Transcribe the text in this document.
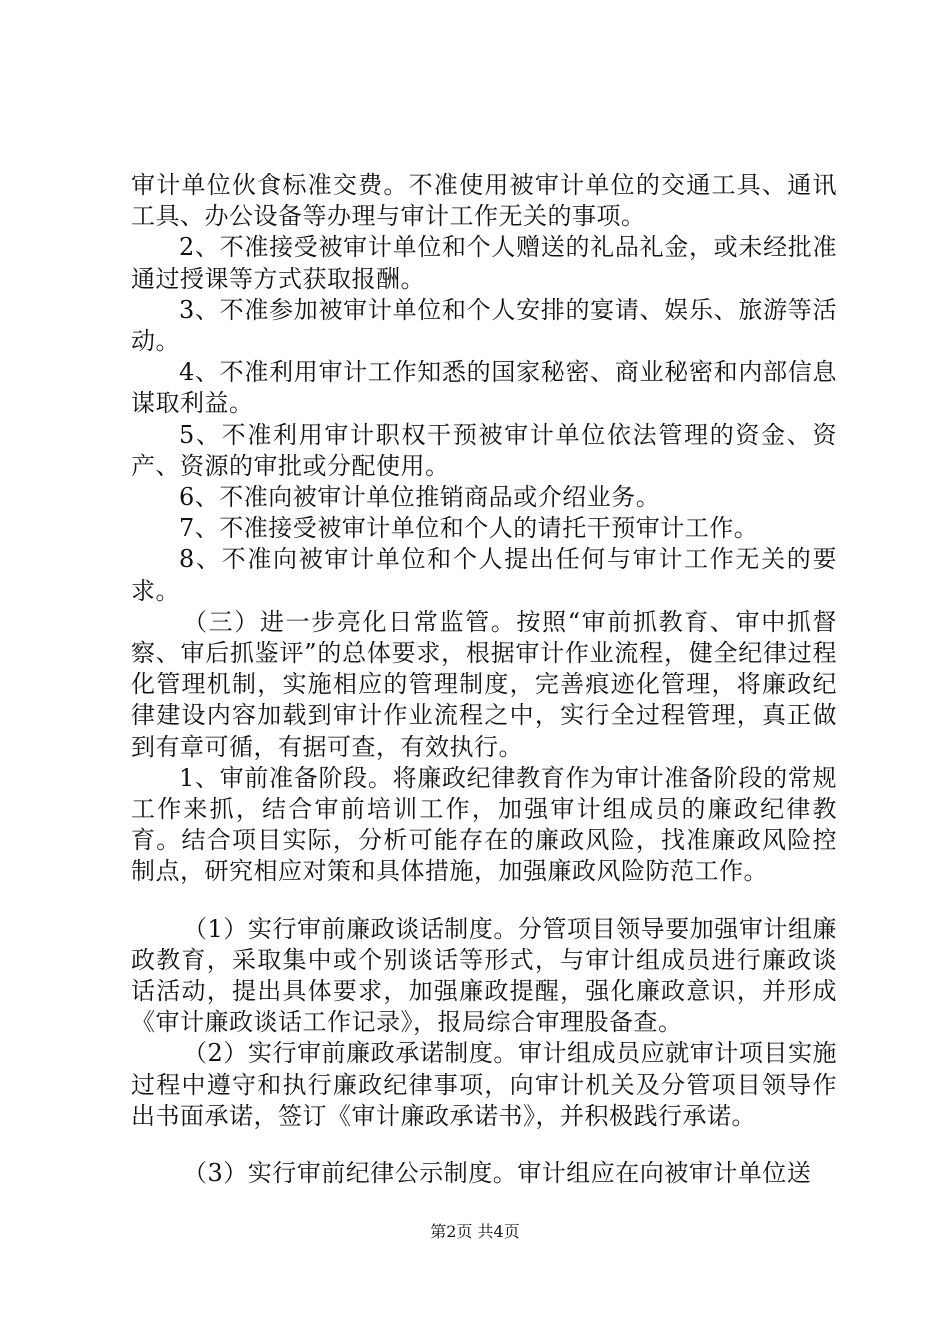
审计单位伙食标准交费。不准使用被审计单位的交通工具、通讯工具、办公设备等办理与审计工作无关的事项。

2、不准接受被审计单位和个人赠送的礼品礼金，或未经批准通过授课等方式获取报酬。

3、不准参加被审计单位和个人安排的宴请、娱乐、旅游等活动。

4、不准利用审计工作知悉的国家秘密、商业秘密和内部信息谋取利益。

5、不准利用审计职权干预被审计单位依法管理的资金、资产、资源的审批或分配使用。

6、不准向被审计单位推销商品或介绍业务。

7、不准接受被审计单位和个人的请托干预审计工作。

8、不准向被审计单位和个人提出任何与审计工作无关的要求。

（三）进一步亮化日常监管。按照“审前抓教育、审中抓督察、审后抓鉴评”的总体要求，根据审计作业流程，健全纪律过程化管理机制，实施相应的管理制度，完善痕迹化管理，将廉政纪律建设内容加载到审计作业流程之中，实行全过程管理，真正做到有章可循，有据可查，有效执行。

1、审前准备阶段。将廉政纪律教育作为审计准备阶段的常规工作来抓，结合审前培训工作，加强审计组成员的廉政纪律教育。结合项目实际，分析可能存在的廉政风险，找准廉政风险控制点，研究相应对策和具体措施，加强廉政风险防范工作。

（1）实行审前廉政谈话制度。分管项目领导要加强审计组廉政教育，采取集中或个别谈话等形式，与审计组成员进行廉政谈话活动，提出具体要求，加强廉政提醒，强化廉政意识，并形成《审计廉政谈话工作记录》，报局综合审理股备查。

（2）实行审前廉政承诺制度。审计组成员应就审计项目实施过程中遵守和执行廉政纪律事项，向审计机关及分管项目领导作出书面承诺，签订《审计廉政承诺书》，并积极践行承诺。

（3）实行审前纪律公示制度。审计组应在向被审计单位送

第2页 共4页
